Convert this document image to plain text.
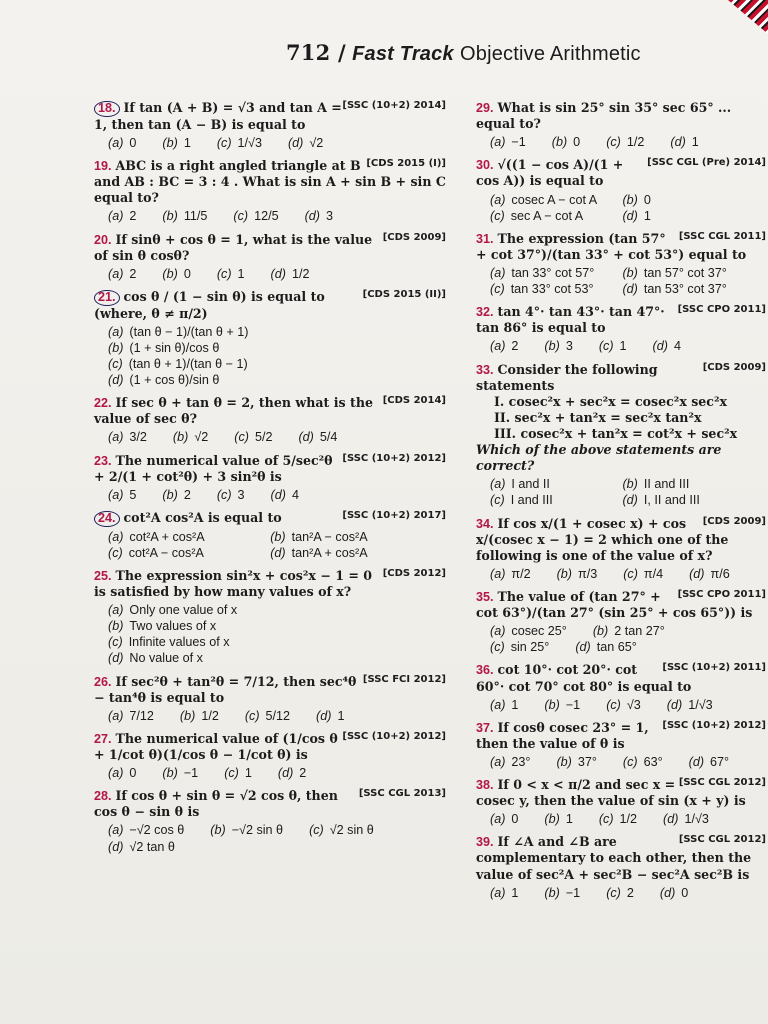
712 / Fast Track Objective Arithmetic
[SSC (10+2) 2014]
18. If tan (A + B) = √3 and tan A = 1, then tan (A − B) is equal to
(a) 0 (b) 1 (c) 1/√3 (d) √2
[CDS 2015 (I)]
19. ABC is a right angled triangle at B and AB : BC = 3 : 4 . What is sin A + sin B + sin C equal to?
(a) 2 (b) 11/5 (c) 12/5 (d) 3
[CDS 2009]
20. If sinθ + cos θ = 1, what is the value of sin θ cosθ?
(a) 2 (b) 0 (c) 1 (d) 1/2
[CDS 2015 (II)]
21. cos θ / (1 − sin θ) is equal to (where, θ ≠ π/2)
(a) (tan θ − 1)/(tan θ + 1)
(b) (1 + sin θ)/cos θ
(c) (tan θ + 1)/(tan θ − 1)
(d) (1 + cos θ)/sin θ
[CDS 2014]
22. If sec θ + tan θ = 2, then what is the value of sec θ?
(a) 3/2 (b) √2 (c) 5/2 (d) 5/4
[SSC (10+2) 2012]
23. The numerical value of 5/sec²θ + 2/(1 + cot²θ) + 3 sin²θ is
(a) 5 (b) 2 (c) 3 (d) 4
[SSC (10+2) 2017]
24. cot²A cos²A is equal to
(a) cot²A + cos²A	(b) tan²A − cos²A
(c) cot²A − cos²A	(d) tan²A + cos²A
[CDS 2012]
25. The expression sin²x + cos²x − 1 = 0 is satisfied by how many values of x?
(a) Only one value of x
(b) Two values of x
(c) Infinite values of x
(d) No value of x
[SSC FCI 2012]
26. If sec²θ + tan²θ = 7/12, then sec⁴θ − tan⁴θ is equal to
(a) 7/12 (b) 1/2 (c) 5/12 (d) 1
[SSC (10+2) 2012]
27. The numerical value of (1/cos θ + 1/cot θ)(1/cos θ − 1/cot θ) is
(a) 0 (b) −1 (c) 1 (d) 2
[SSC CGL 2013]
28. If cos θ + sin θ = √2 cos θ, then cos θ − sin θ is
(a) −√2 cos θ (b) −√2 sin θ (c) √2 sin θ
(d) √2 tan θ
29. What is sin 25° sin 35° sec 65° ... equal to?
(a) −1 (b) 0 (c) 1/2 (d) 1
[SSC CGL (Pre) 2014]
30. √((1 − cos A)/(1 + cos A)) is equal to
(a) cosec A − cot A	(b) 0
(c) sec A − cot A	(d) 1
[SSC CGL 2011]
31. The expression (tan 57° + cot 37°)/(tan 33° + cot 53°) equal to
(a) tan 33° cot 57°	(b) tan 57° cot 37°
(c) tan 33° cot 53°	(d) tan 53° cot 37°
[SSC CPO 2011]
32. tan 4°· tan 43°· tan 47°· tan 86° is equal to
(a) 2 (b) 3 (c) 1 (d) 4
[CDS 2009]
33. Consider the following statements
I. cosec²x + sec²x = cosec²x sec²x
II. sec²x + tan²x = sec²x tan²x
III. cosec²x + tan²x = cot²x + sec²x
Which of the above statements are correct?
(a) I and II	(b) II and III
(c) I and III	(d) I, II and III
[CDS 2009]
34. If cos x/(1 + cosec x) + cos x/(cosec x − 1) = 2 which one of the following is one of the value of x?
(a) π/2 (b) π/3 (c) π/4 (d) π/6
[SSC CPO 2011]
35. The value of (tan 27° + cot 63°)/(tan 27° (sin 25° + cos 65°)) is
(a) cosec 25° (b) 2 tan 27°
(c) sin 25° (d) tan 65°
[SSC (10+2) 2011]
36. cot 10°· cot 20°· cot 60°· cot 70° cot 80° is equal to
(a) 1 (b) −1 (c) √3 (d) 1/√3
[SSC (10+2) 2012]
37. If cosθ cosec 23° = 1, then the value of θ is
(a) 23° (b) 37° (c) 63° (d) 67°
[SSC CGL 2012]
38. If 0 < x < π/2 and sec x = cosec y, then the value of sin (x + y) is
(a) 0 (b) 1 (c) 1/2 (d) 1/√3
[SSC CGL 2012]
39. If ∠A and ∠B are complementary to each other, then the value of sec²A + sec²B − sec²A sec²B is
(a) 1 (b) −1 (c) 2 (d) 0
